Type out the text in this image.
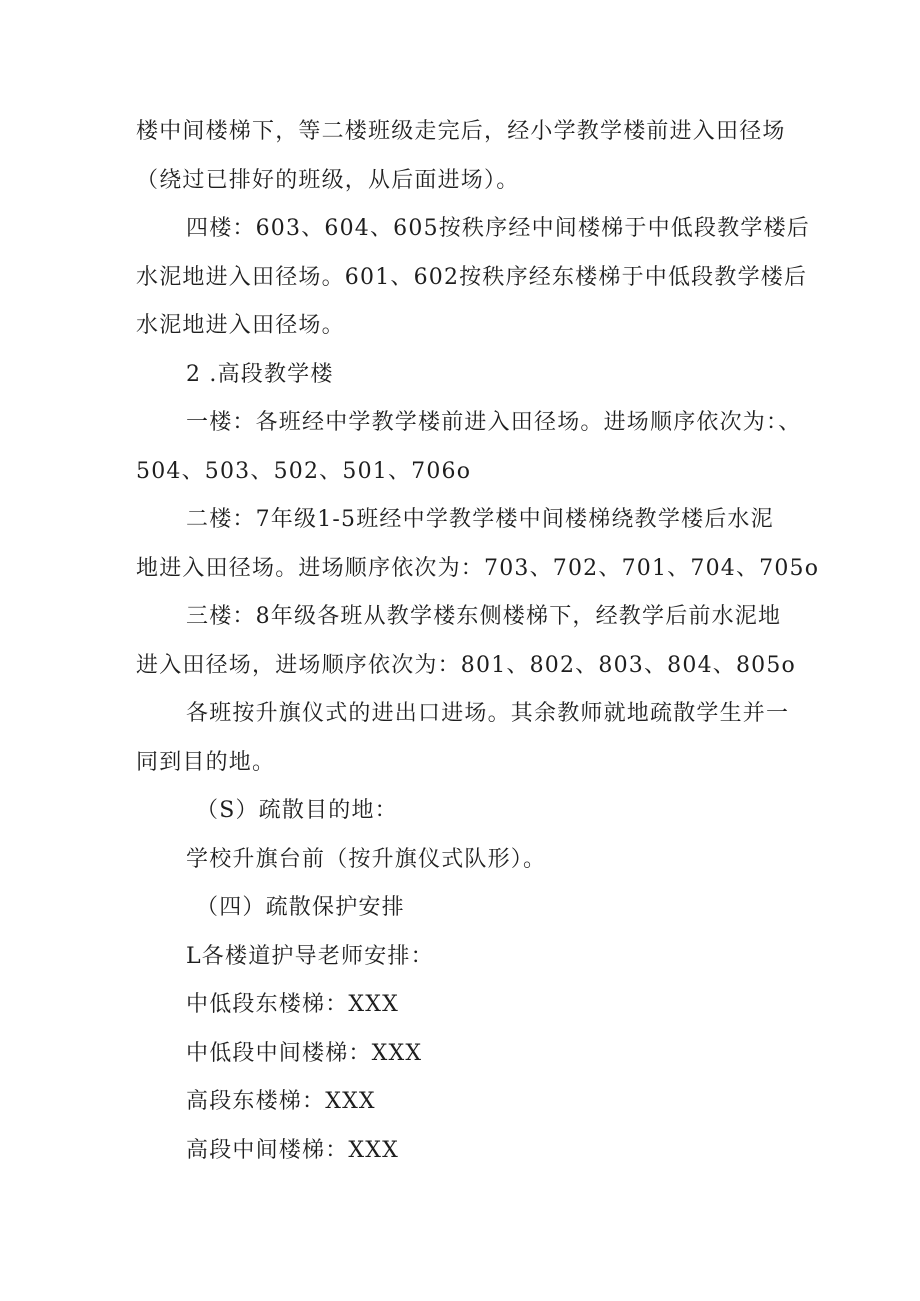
楼中间楼梯下，等二楼班级走完后，经小学教学楼前进入田径场
（绕过已排好的班级，从后面进场）。
四楼：603、604、605按秩序经中间楼梯于中低段教学楼后
水泥地进入田径场。601、602按秩序经东楼梯于中低段教学楼后
水泥地进入田径场。
2 .高段教学楼
一楼：各班经中学教学楼前进入田径场。进场顺序依次为：、
504、503、502、501、706o
二楼：7年级1-5班经中学教学楼中间楼梯绕教学楼后水泥
地进入田径场。进场顺序依次为：703、702、701、704、705o
三楼：8年级各班从教学楼东侧楼梯下，经教学后前水泥地
进入田径场，进场顺序依次为：801、802、803、804、805o
各班按升旗仪式的进出口进场。其余教师就地疏散学生并一
同到目的地。
（S）疏散目的地：
学校升旗台前（按升旗仪式队形）。
（四）疏散保护安排
L各楼道护导老师安排：
中低段东楼梯：XXX
中低段中间楼梯：XXX
高段东楼梯：XXX
高段中间楼梯：XXX
